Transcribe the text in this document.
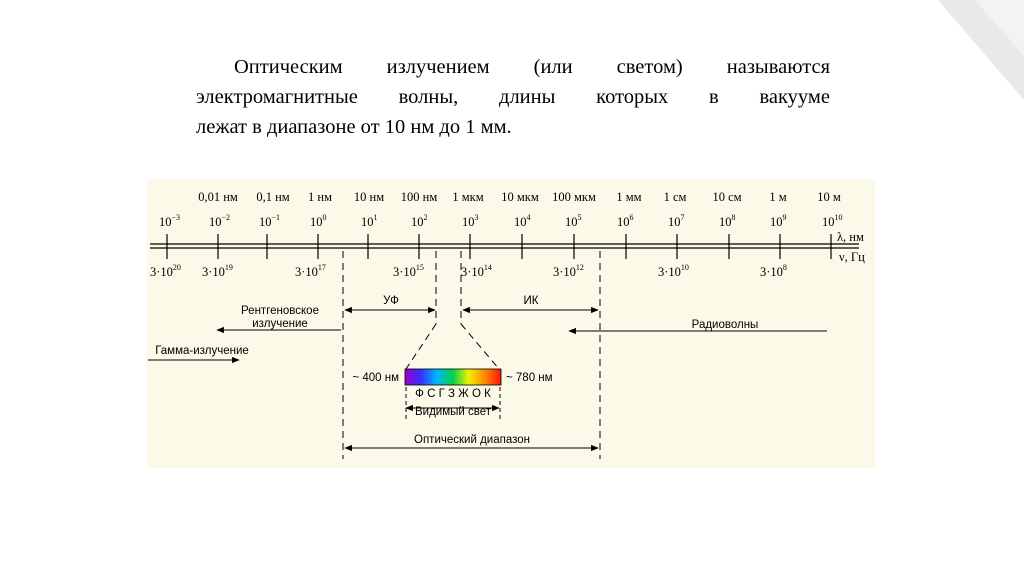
Оптическим излучением (или светом) называются
электромагнитные волны, длины которых в вакууме
лежат в диапазоне от 10 нм до 1 мм.
0,01 нм 0,1 нм 1 нм 10 нм 100 нм 1 мкм 10 мкм 100 мкм 1 мм 1 см 10 см 1 м 10 м
$10^{-3}$ $10^{-2}$ $10^{-1}$ $10^0$	$10^1$	$10^2$	$10^3$	$10^4$	$10^5$	$10^6$	$10^7$	$10^8$	$10^9$	$10^{10}$
λ, нм
ν, Гц
$3\cdot 10^{20}$ $3\cdot 10^{19}$	$3\cdot 10^{17}$	$3\cdot 10^{15}$	$3\cdot 10^{14}$	$3\cdot 10^{12}$	$3\cdot 10^{10}$	$3\cdot 10^8$
УФ	ИК
Рентгеновское
излучение	Радиоволны
Гамма-излучение
~ 400 нм	~ 780 нм
Ф С Г З Ж О К
Видимый свет
Оптический диапазон
